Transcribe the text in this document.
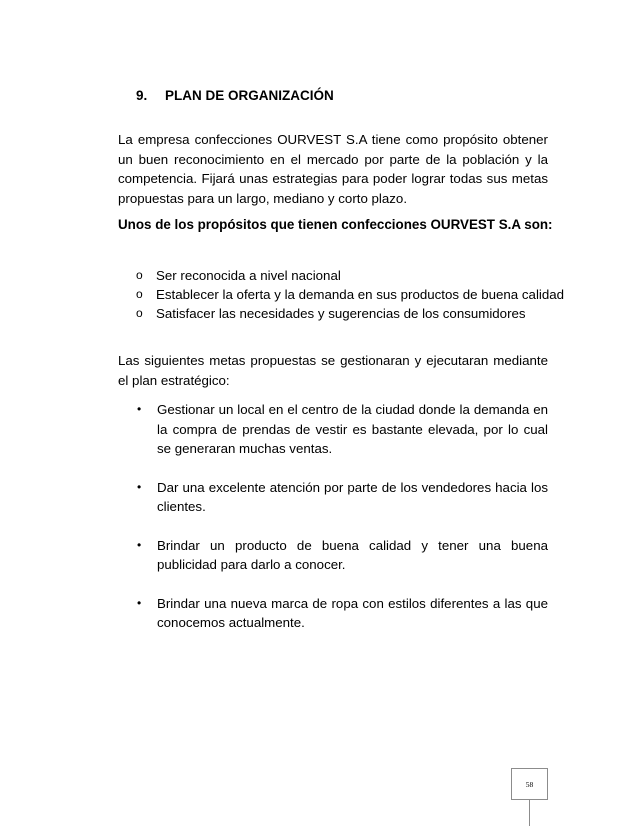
9. PLAN DE ORGANIZACIÓN

La empresa confecciones OURVEST S.A tiene como propósito obtener un buen reconocimiento en el mercado por parte de la población y la competencia. Fijará unas estrategias para poder lograr todas sus metas propuestas para un largo, mediano y corto plazo.

Unos de los propósitos que tienen confecciones OURVEST S.A son:

o Ser reconocida a nivel nacional
o Establecer la oferta y la demanda en sus productos de buena calidad
o Satisfacer las necesidades y sugerencias de los consumidores

Las siguientes metas propuestas se gestionaran y ejecutaran mediante el plan estratégico:

• Gestionar un local en el centro de la ciudad donde la demanda en la compra de prendas de vestir es bastante elevada, por lo cual se generaran muchas ventas.
• Dar una excelente atención por parte de los vendedores hacia los clientes.
• Brindar un producto de buena calidad y tener una buena publicidad para darlo a conocer.
• Brindar una nueva marca de ropa con estilos diferentes a las que conocemos actualmente.
58
